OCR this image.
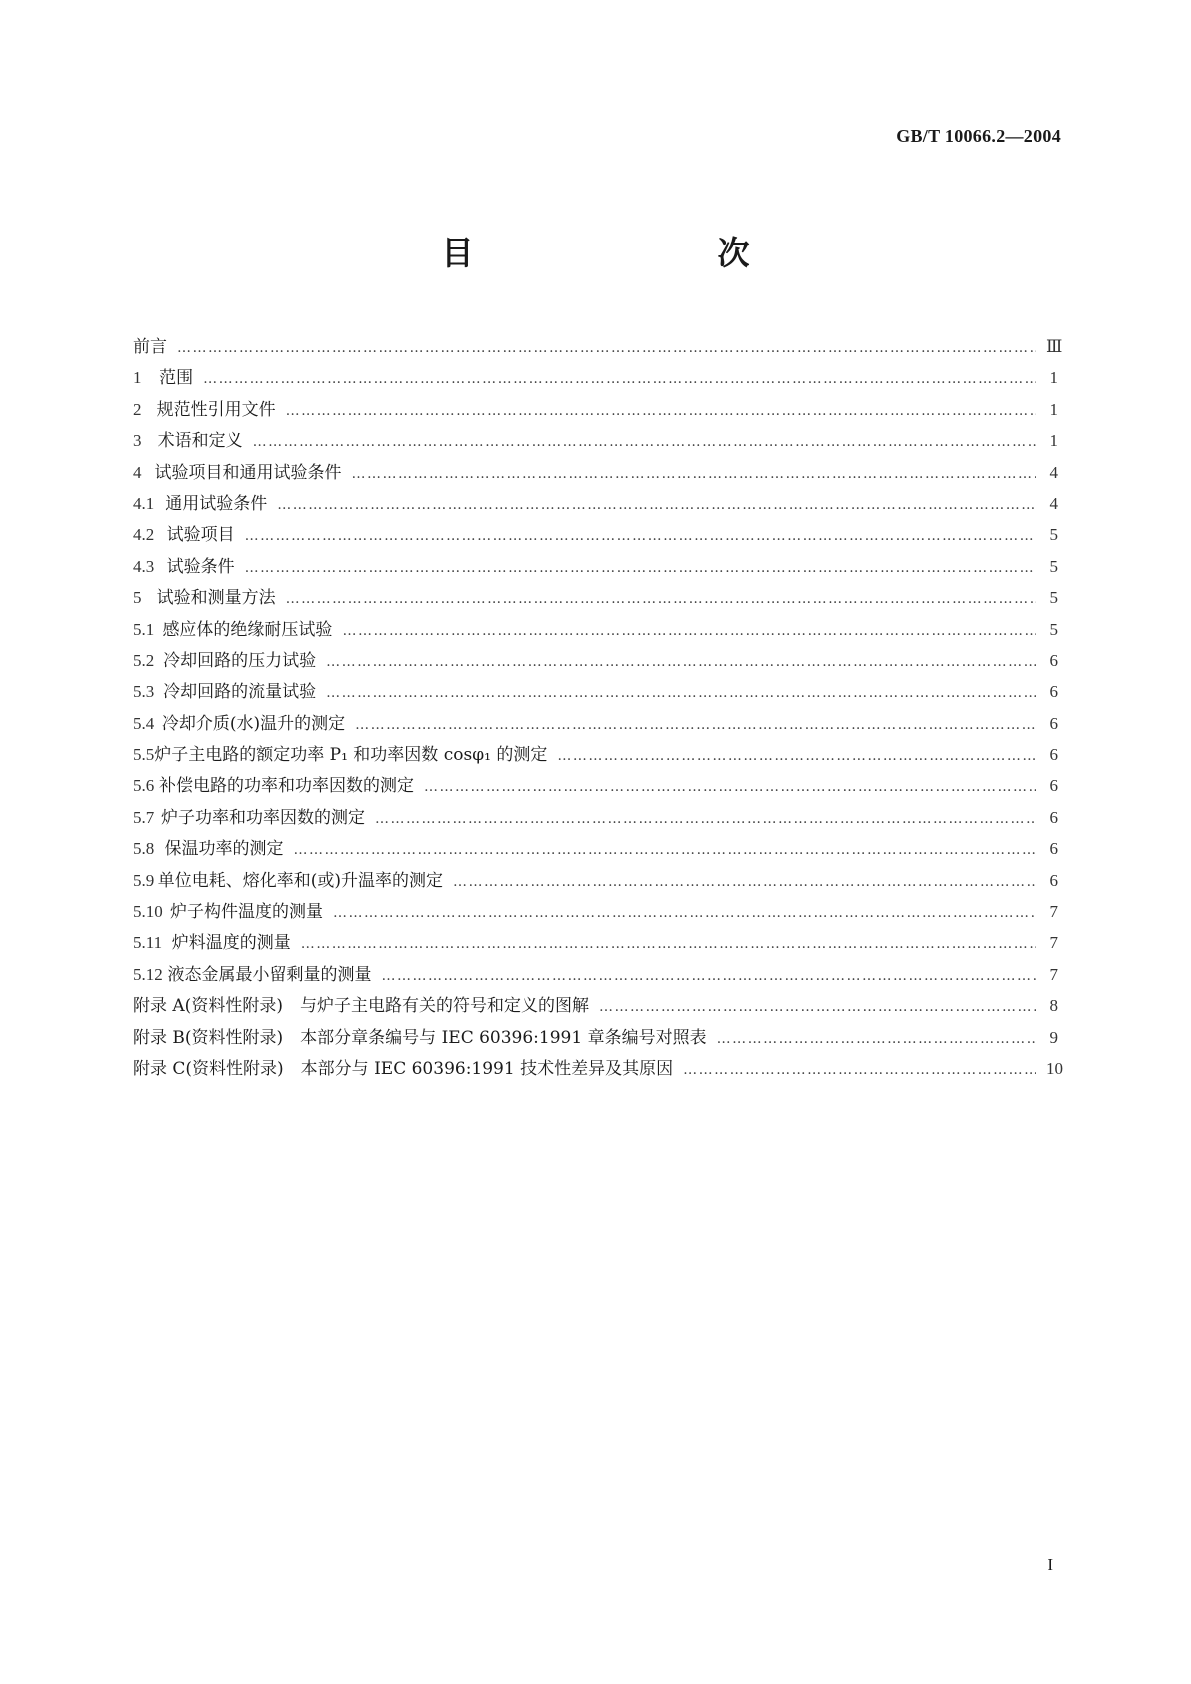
GB/T 10066.2—2004
目　　次
前言 …………………………………………………………………………………………………………………………………………………………………………………………………………	Ⅲ
1	范围 …………………………………………………………………………………………………………………………………………………………………………………………………………	1
2 规范性引用文件 …………………………………………………………………………………………………………………………………………………………………………………………………………	1
3 术语和定义 …………………………………………………………………………………………………………………………………………………………………………………………………………	1
4 试验项目和通用试验条件 …………………………………………………………………………………………………………………………………………………………………………………………………………	4
4.1 通用试验条件 …………………………………………………………………………………………………………………………………………………………………………………………………………	4
4.2 试验项目 …………………………………………………………………………………………………………………………………………………………………………………………………………	5
4.3 试验条件 …………………………………………………………………………………………………………………………………………………………………………………………………………	5
5 试验和测量方法 …………………………………………………………………………………………………………………………………………………………………………………………………………	5
5.1 感应体的绝缘耐压试验 …………………………………………………………………………………………………………………………………………………………………………………………………………	5
5.2 冷却回路的压力试验 …………………………………………………………………………………………………………………………………………………………………………………………………………	6
5.3 冷却回路的流量试验 …………………………………………………………………………………………………………………………………………………………………………………………………………	6
5.4 冷却介质(水)温升的测定 …………………………………………………………………………………………………………………………………………………………………………………………………………	6
5.5 炉子主电路的额定功率 P₁ 和功率因数 cosφ₁ 的测定 …………………………………………………………………………………………………………………………………………………………………………………………………………	6
5.6 补偿电路的功率和功率因数的测定 …………………………………………………………………………………………………………………………………………………………………………………………………………	6
5.7 炉子功率和功率因数的测定 …………………………………………………………………………………………………………………………………………………………………………………………………………	6
5.8 保温功率的测定 …………………………………………………………………………………………………………………………………………………………………………………………………………	6
5.9 单位电耗、熔化率和(或)升温率的测定 …………………………………………………………………………………………………………………………………………………………………………………………………………	6
5.10 炉子构件温度的测量 …………………………………………………………………………………………………………………………………………………………………………………………………………	7
5.11 炉料温度的测量 …………………………………………………………………………………………………………………………………………………………………………………………………………	7
5.12 液态金属最小留剩量的测量 …………………………………………………………………………………………………………………………………………………………………………………………………………	7
附录 A(资料性附录)　与炉子主电路有关的符号和定义的图解 …………………………………………………………………………………………………………………………………………………………………………………………………………	8
附录 B(资料性附录)　本部分章条编号与 IEC 60396:1991 章条编号对照表 …………………………………………………………………………………………………………………………………………………………………………………………………………	9
附录 C(资料性附录)　本部分与 IEC 60396:1991 技术性差异及其原因 …………………………………………………………………………………………………………………………………………………………………………………………………………	10
I
